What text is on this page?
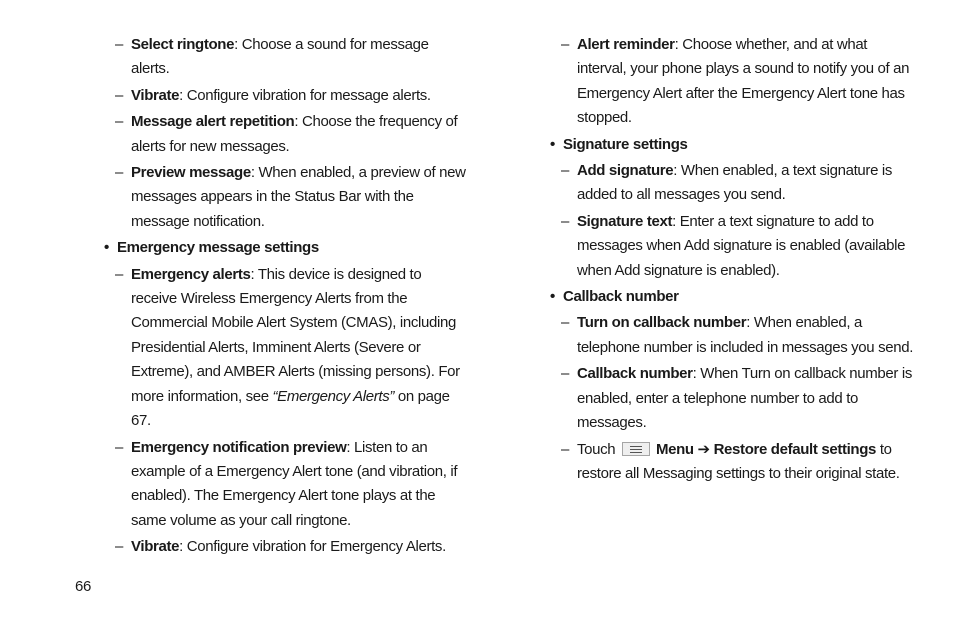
– Select ringtone: Choose a sound for message alerts.
– Vibrate: Configure vibration for message alerts.
– Message alert repetition: Choose the frequency of alerts for new messages.
– Preview message: When enabled, a preview of new messages appears in the Status Bar with the message notification.
• Emergency message settings
– Emergency alerts: This device is designed to receive Wireless Emergency Alerts from the Commercial Mobile Alert System (CMAS), including Presidential Alerts, Imminent Alerts (Severe or Extreme), and AMBER Alerts (missing persons). For more information, see “Emergency Alerts” on page 67.
– Emergency notification preview: Listen to an example of a Emergency Alert tone (and vibration, if enabled). The Emergency Alert tone plays at the same volume as your call ringtone.
– Vibrate: Configure vibration for Emergency Alerts.
– Alert reminder: Choose whether, and at what interval, your phone plays a sound to notify you of an Emergency Alert after the Emergency Alert tone has stopped.
• Signature settings
– Add signature: When enabled, a text signature is added to all messages you send.
– Signature text: Enter a text signature to add to messages when Add signature is enabled (available when Add signature is enabled).
• Callback number
– Turn on callback number: When enabled, a telephone number is included in messages you send.
– Callback number: When Turn on callback number is enabled, enter a telephone number to add to messages.
– Touch	Menu ➔ Restore default settings to restore all Messaging settings to their original state.
66
